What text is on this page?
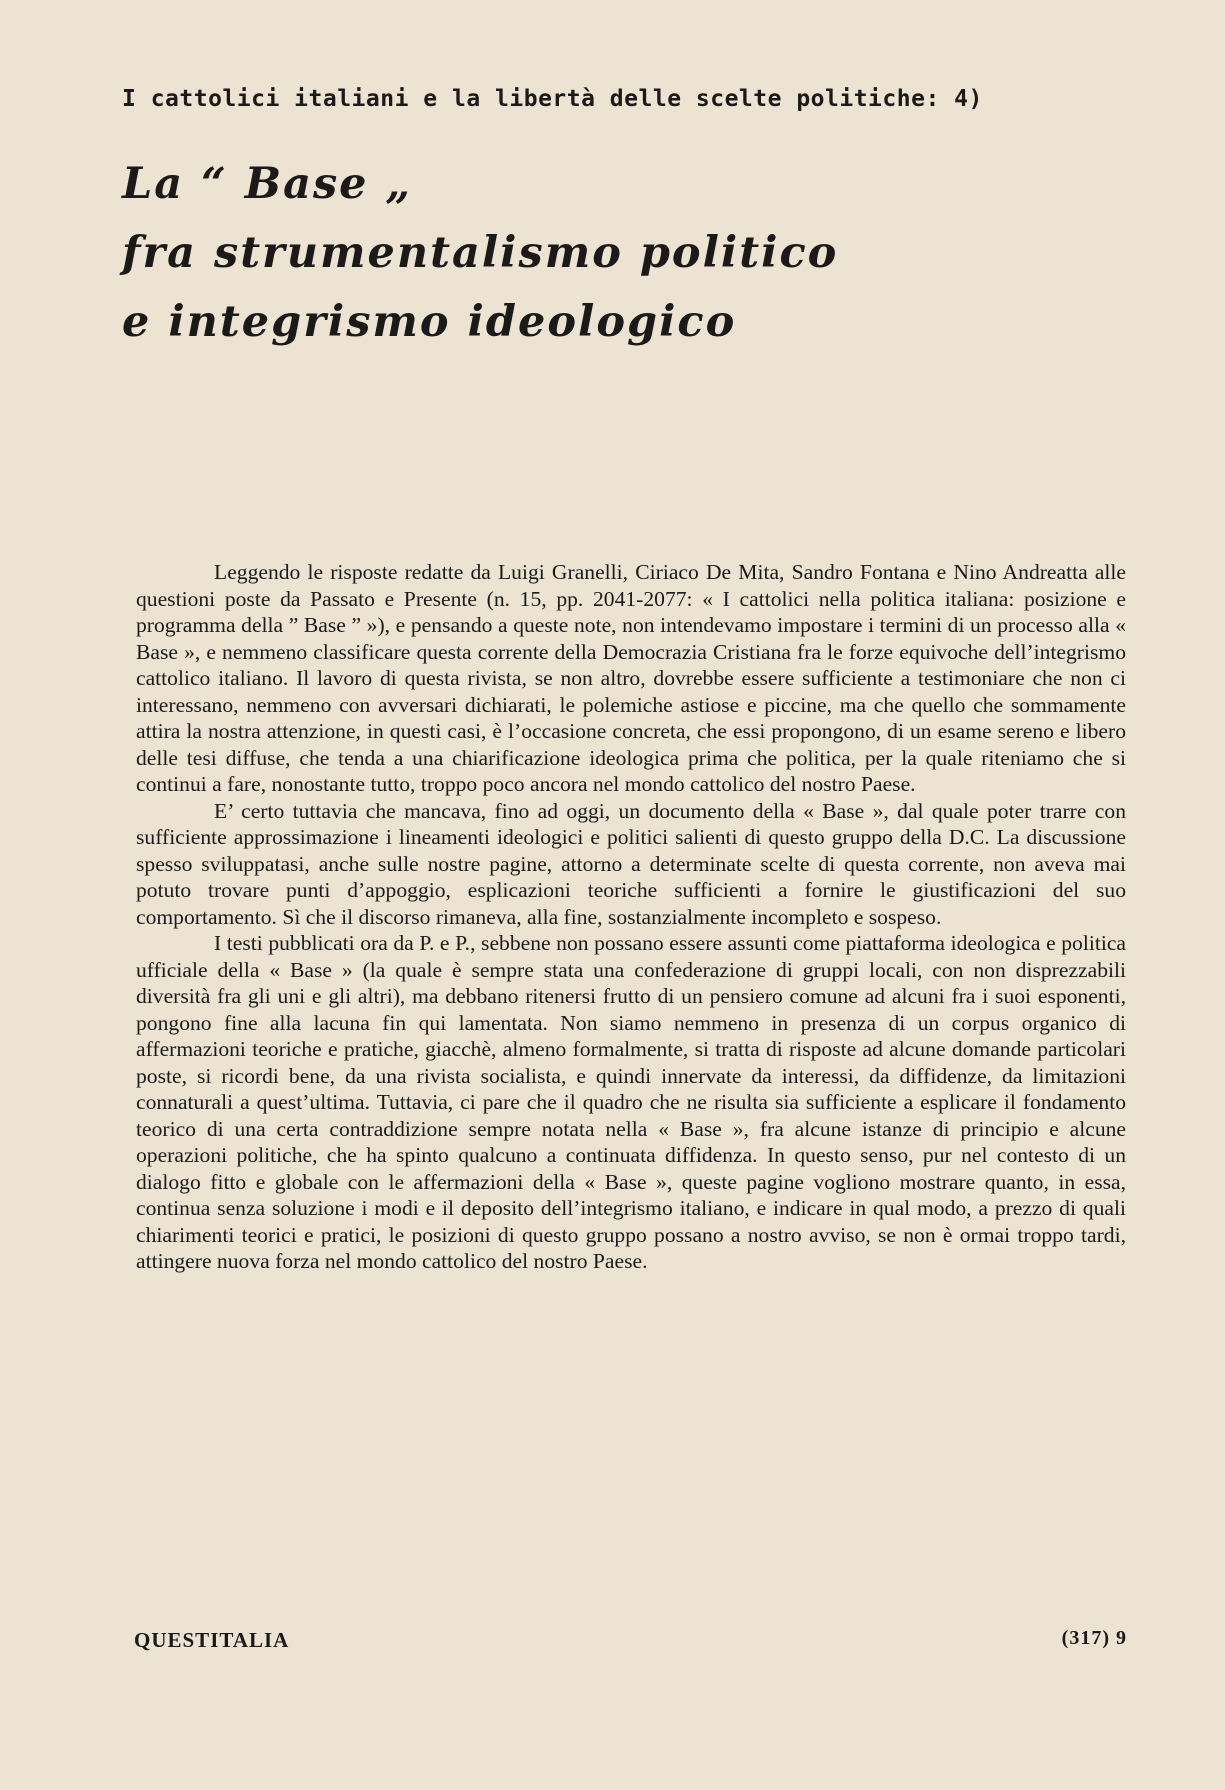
I cattolici italiani e la libertà delle scelte politiche: 4)
La “ Base „
fra strumentalismo politico
e integrismo ideologico

Leggendo le risposte redatte da Luigi Granelli, Ciriaco De Mita, Sandro Fontana e Nino Andreatta alle questioni poste da Passato e Presente (n. 15, pp. 2041-2077: « I cattolici nella politica italiana: posizione e programma della ” Base ” »), e pensando a queste note, non intendevamo impostare i termini di un processo alla « Base », e nemmeno classificare questa corrente della Democrazia Cristiana fra le forze equivoche dell’integrismo cattolico italiano. Il lavoro di questa rivista, se non altro, dovrebbe essere sufficiente a testimoniare che non ci interessano, nemmeno con avversari dichiarati, le polemiche astiose e piccine, ma che quello che sommamente attira la nostra attenzione, in questi casi, è l’occasione concreta, che essi propongono, di un esame sereno e libero delle tesi diffuse, che tenda a una chiarificazione ideologica prima che politica, per la quale riteniamo che si continui a fare, nonostante tutto, troppo poco ancora nel mondo cattolico del nostro Paese.

E’ certo tuttavia che mancava, fino ad oggi, un documento della « Base », dal quale poter trarre con sufficiente approssimazione i lineamenti ideologici e politici salienti di questo gruppo della D.C. La discussione spesso sviluppatasi, anche sulle nostre pagine, attorno a determinate scelte di questa corrente, non aveva mai potuto trovare punti d’appoggio, esplicazioni teoriche sufficienti a fornire le giustificazioni del suo comportamento. Sì che il discorso rimaneva, alla fine, sostanzialmente incompleto e sospeso.

I testi pubblicati ora da P. e P., sebbene non possano essere assunti come piattaforma ideologica e politica ufficiale della « Base » (la quale è sempre stata una confederazione di gruppi locali, con non disprezzabili diversità fra gli uni e gli altri), ma debbano ritenersi frutto di un pensiero comune ad alcuni fra i suoi esponenti, pongono fine alla lacuna fin qui lamentata. Non siamo nemmeno in presenza di un corpus organico di affermazioni teoriche e pratiche, giacchè, almeno formalmente, si tratta di risposte ad alcune domande particolari poste, si ricordi bene, da una rivista socialista, e quindi innervate da interessi, da diffidenze, da limitazioni connaturali a quest’ultima. Tuttavia, ci pare che il quadro che ne risulta sia sufficiente a esplicare il fondamento teorico di una certa contraddizione sempre notata nella « Base », fra alcune istanze di principio e alcune operazioni politiche, che ha spinto qualcuno a continuata diffidenza. In questo senso, pur nel contesto di un dialogo fitto e globale con le affermazioni della « Base », queste pagine vogliono mostrare quanto, in essa, continua senza soluzione i modi e il deposito dell’integrismo italiano, e indicare in qual modo, a prezzo di quali chiarimenti teorici e pratici, le posizioni di questo gruppo possano a nostro avviso, se non è ormai troppo tardi, attingere nuova forza nel mondo cattolico del nostro Paese.

QUESTITALIA	(317) 9
